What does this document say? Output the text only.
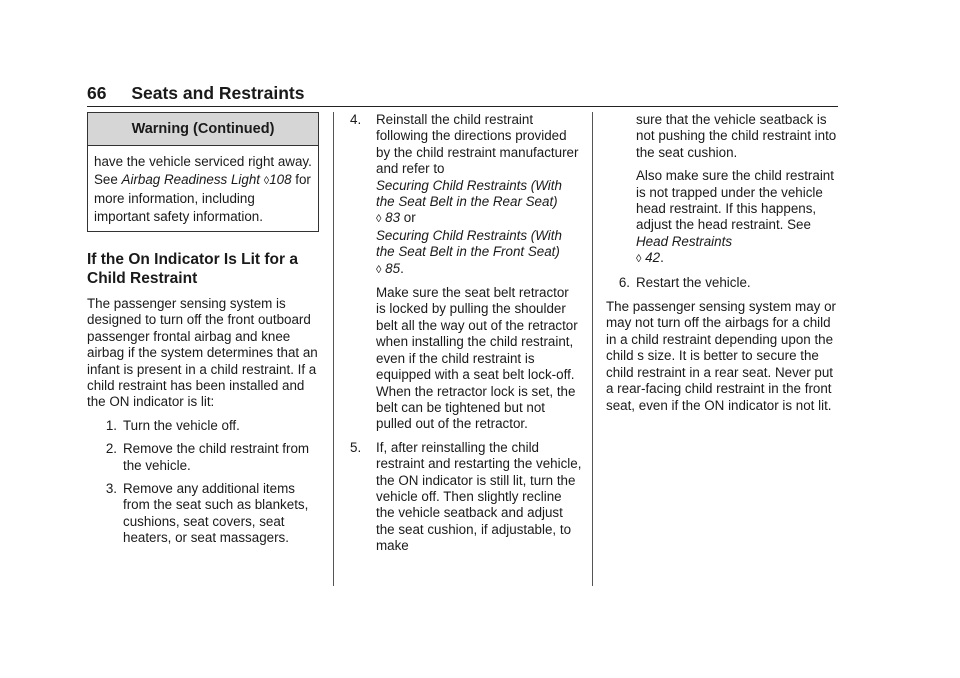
66 Seats and Restraints
Warning (Continued)
have the vehicle serviced right away. See Airbag Readiness Light ◊108 for more information, including important safety information.
If the On Indicator Is Lit for a Child Restraint

The passenger sensing system is designed to turn off the front outboard passenger frontal airbag and knee airbag if the system determines that an infant is present in a child restraint. If a child restraint has been installed and the ON indicator is lit:

1. Turn the vehicle off.
2. Remove the child restraint from the vehicle.
3. Remove any additional items from the seat such as blankets, cushions, seat covers, seat heaters, or seat massagers.
4.	Reinstall the child restraint following the directions provided by the child restraint manufacturer and refer to
Securing Child Restraints (With the Seat Belt in the Rear Seat)
◊ 83 or
Securing Child Restraints (With the Seat Belt in the Front Seat)
◊ 85.

Make sure the seat belt retractor is locked by pulling the shoulder belt all the way out of the retractor when installing the child restraint, even if the child restraint is equipped with a seat belt lock-off. When the retractor lock is set, the belt can be tightened but not pulled out of the retractor.

5.	If, after reinstalling the child restraint and restarting the vehicle, the ON indicator is still lit, turn the vehicle off. Then slightly recline the vehicle seatback and adjust the seat cushion, if adjustable, to make

sure that the vehicle seatback is not pushing the child restraint into the seat cushion.

Also make sure the child restraint is not trapped under the vehicle head restraint. If this happens, adjust the head restraint. See Head Restraints
◊ 42.

6. Restart the vehicle.

The passenger sensing system may or may not turn off the airbags for a child in a child restraint depending upon the child s size. It is better to secure the child restraint in a rear seat. Never put a rear-facing child restraint in the front seat, even if the ON indicator is not lit.
